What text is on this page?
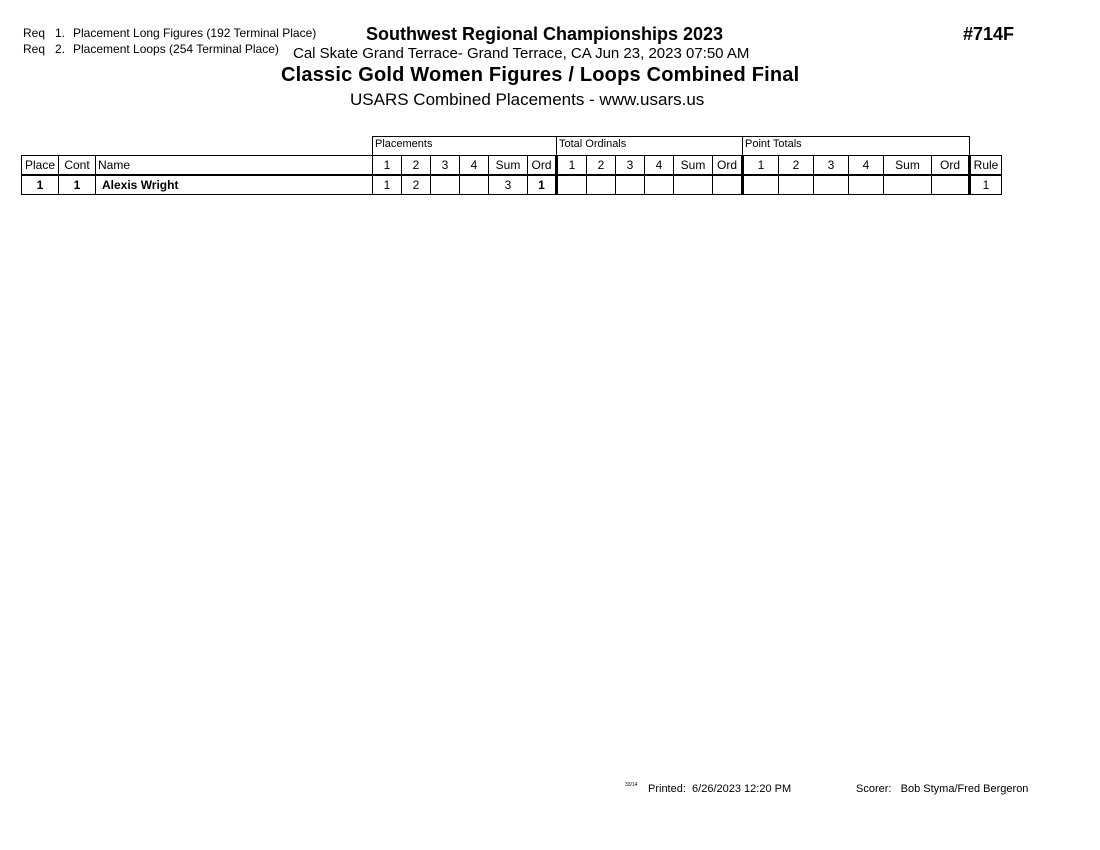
Req 1. Placement Long Figures (192 Terminal Place)
Req 2. Placement Loops (254 Terminal Place)
Southwest Regional Championships 2023	#714F
Cal Skate Grand Terrace- Grand Terrace, CA Jun 23, 2023 07:50 AM
Classic Gold Women Figures / Loops Combined Final
USARS Combined Placements - www.usars.us
			Placements						Total Ordinals						Point Totals						
Place	Cont	Name	1	2	3	4	Sum	Ord	1	2	3	4	Sum	Ord	1	2	3	4	Sum	Ord	Rule
1	1	Alexis Wright	1	2			3	1													1
33/14 Printed: 6/26/2023 12:20 PM	Scorer: Bob Styma/Fred Bergeron
